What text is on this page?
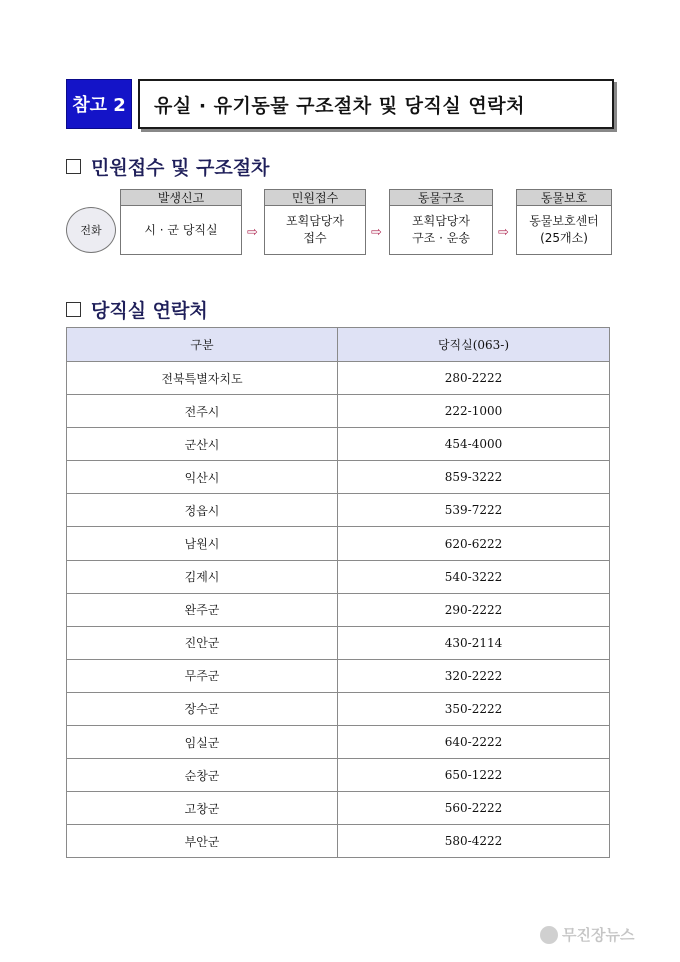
참고 2	유실 · 유기동물 구조절차 및 당직실 연락처
민원접수 및 구조절차
전화
발생신고
시 · 군 당직실 ⇨
민원접수
포획담당자
접수	⇨
동물구조
포획담당자
구조 · 운송 ⇨
동물보호
동물보호센터
(25개소)
당직실 연락처
구분	당직실(063-)
전북특별자치도	280-2222
전주시	222-1000
군산시	454-4000
익산시	859-3222
정읍시	539-7222
남원시	620-6222
김제시	540-3222
완주군	290-2222
진안군	430-2114
무주군	320-2222
장수군	350-2222
임실군	640-2222
순창군	650-1222
고창군	560-2222
부안군	580-4222
무진장뉴스
